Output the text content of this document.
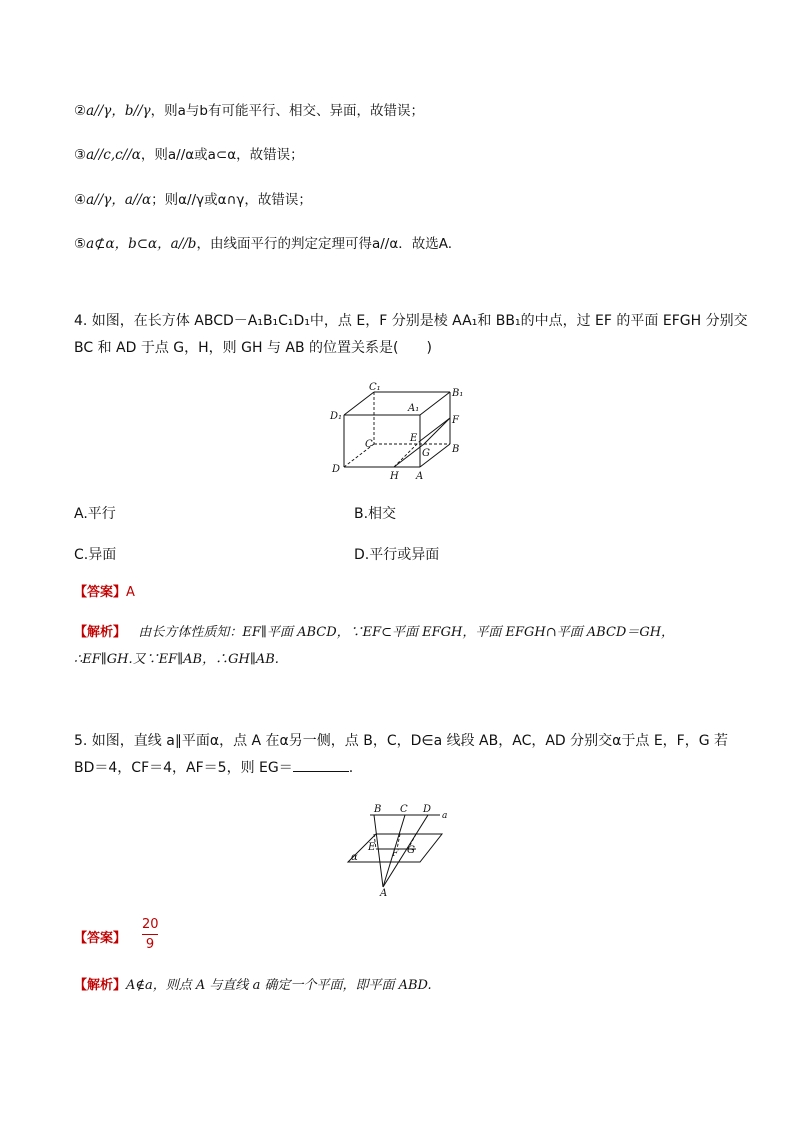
②a//γ，b//γ，则a与b有可能平行、相交、异面，故错误；
③a//c,c//α，则a//α或a⊂α，故错误；
④a//γ，a//α；则α//γ或α∩γ，故错误；
⑤a⊄α，b⊂α，a//b，由线面平行的判定定理可得a//α．故选A.
4. 如图，在长方体 ABCD－A₁B₁C₁D₁中，点 E，F 分别是棱 AA₁和 BB₁的中点，过 EF 的平面 EFGH 分别交
BC 和 AD 于点 G，H，则 GH 与 AB 的位置关系是(　　)
C₁
B₁
D₁
A₁
F
C
E
G B
D
H A
A.平行	B.相交
C.异面	D.平行或异面
【答案】A
【解析】 由长方体性质知：EF∥平面 ABCD，∵EF⊂平面 EFGH，平面 EFGH∩平面 ABCD＝GH，
∴EF∥GH.又∵EF∥AB，∴GH∥AB.
5. 如图，直线 a∥平面α，点 A 在α另一侧，点 B，C，D∈a 线段 AB，AC，AD 分别交α于点 E，F，G 若
BD＝4，CF＝4，AF＝5，则 EG＝	.
B C D
a
E
F G
α
A
【答案】
20
9
【解析】A∉a，则点 A 与直线 a 确定一个平面，即平面 ABD.
